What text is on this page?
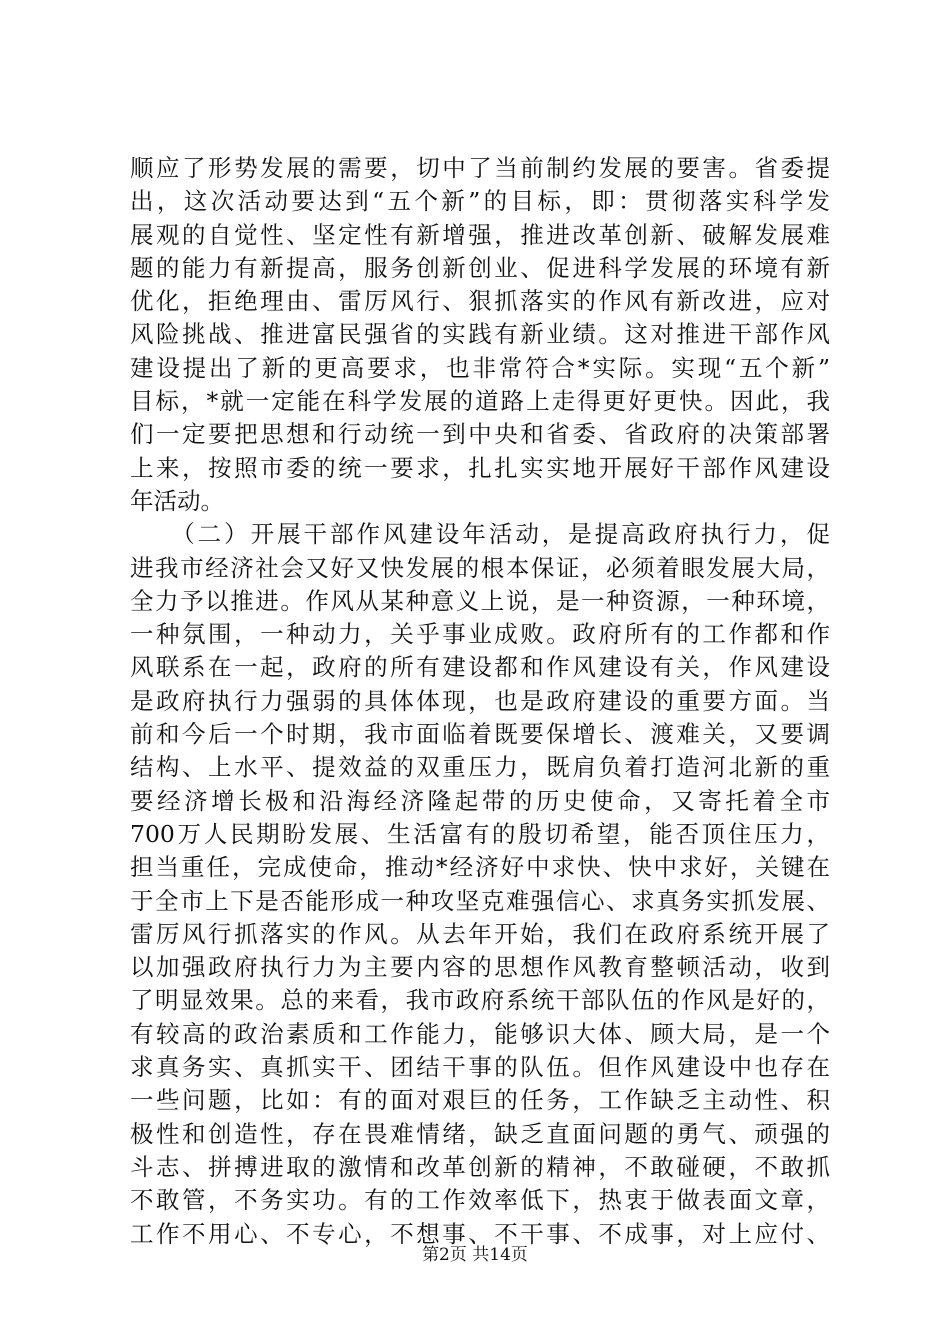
顺应了形势发展的需要，切中了当前制约发展的要害。省委提
出，这次活动要达到“五个新”的目标，即：贯彻落实科学发
展观的自觉性、坚定性有新增强，推进改革创新、破解发展难
题的能力有新提高，服务创新创业、促进科学发展的环境有新
优化，拒绝理由、雷厉风行、狠抓落实的作风有新改进，应对
风险挑战、推进富民强省的实践有新业绩。这对推进干部作风
建设提出了新的更高要求，也非常符合*实际。实现“五个新”
目标，*就一定能在科学发展的道路上走得更好更快。因此，我
们一定要把思想和行动统一到中央和省委、省政府的决策部署
上来，按照市委的统一要求，扎扎实实地开展好干部作风建设
年活动。
　　（二）开展干部作风建设年活动，是提高政府执行力，促
进我市经济社会又好又快发展的根本保证，必须着眼发展大局，
全力予以推进。作风从某种意义上说，是一种资源，一种环境，
一种氛围，一种动力，关乎事业成败。政府所有的工作都和作
风联系在一起，政府的所有建设都和作风建设有关，作风建设
是政府执行力强弱的具体体现，也是政府建设的重要方面。当
前和今后一个时期，我市面临着既要保增长、渡难关，又要调
结构、上水平、提效益的双重压力，既肩负着打造河北新的重
要经济增长极和沿海经济隆起带的历史使命，又寄托着全市
700万人民期盼发展、生活富有的殷切希望，能否顶住压力，
担当重任，完成使命，推动*经济好中求快、快中求好，关键在
于全市上下是否能形成一种攻坚克难强信心、求真务实抓发展、
雷厉风行抓落实的作风。从去年开始，我们在政府系统开展了
以加强政府执行力为主要内容的思想作风教育整顿活动，收到
了明显效果。总的来看，我市政府系统干部队伍的作风是好的，
有较高的政治素质和工作能力，能够识大体、顾大局，是一个
求真务实、真抓实干、团结干事的队伍。但作风建设中也存在
一些问题，比如：有的面对艰巨的任务，工作缺乏主动性、积
极性和创造性，存在畏难情绪，缺乏直面问题的勇气、顽强的
斗志、拼搏进取的激情和改革创新的精神，不敢碰硬，不敢抓
不敢管，不务实功。有的工作效率低下，热衷于做表面文章，
工作不用心、不专心，不想事、不干事、不成事，对上应付、
第2页 共14页
